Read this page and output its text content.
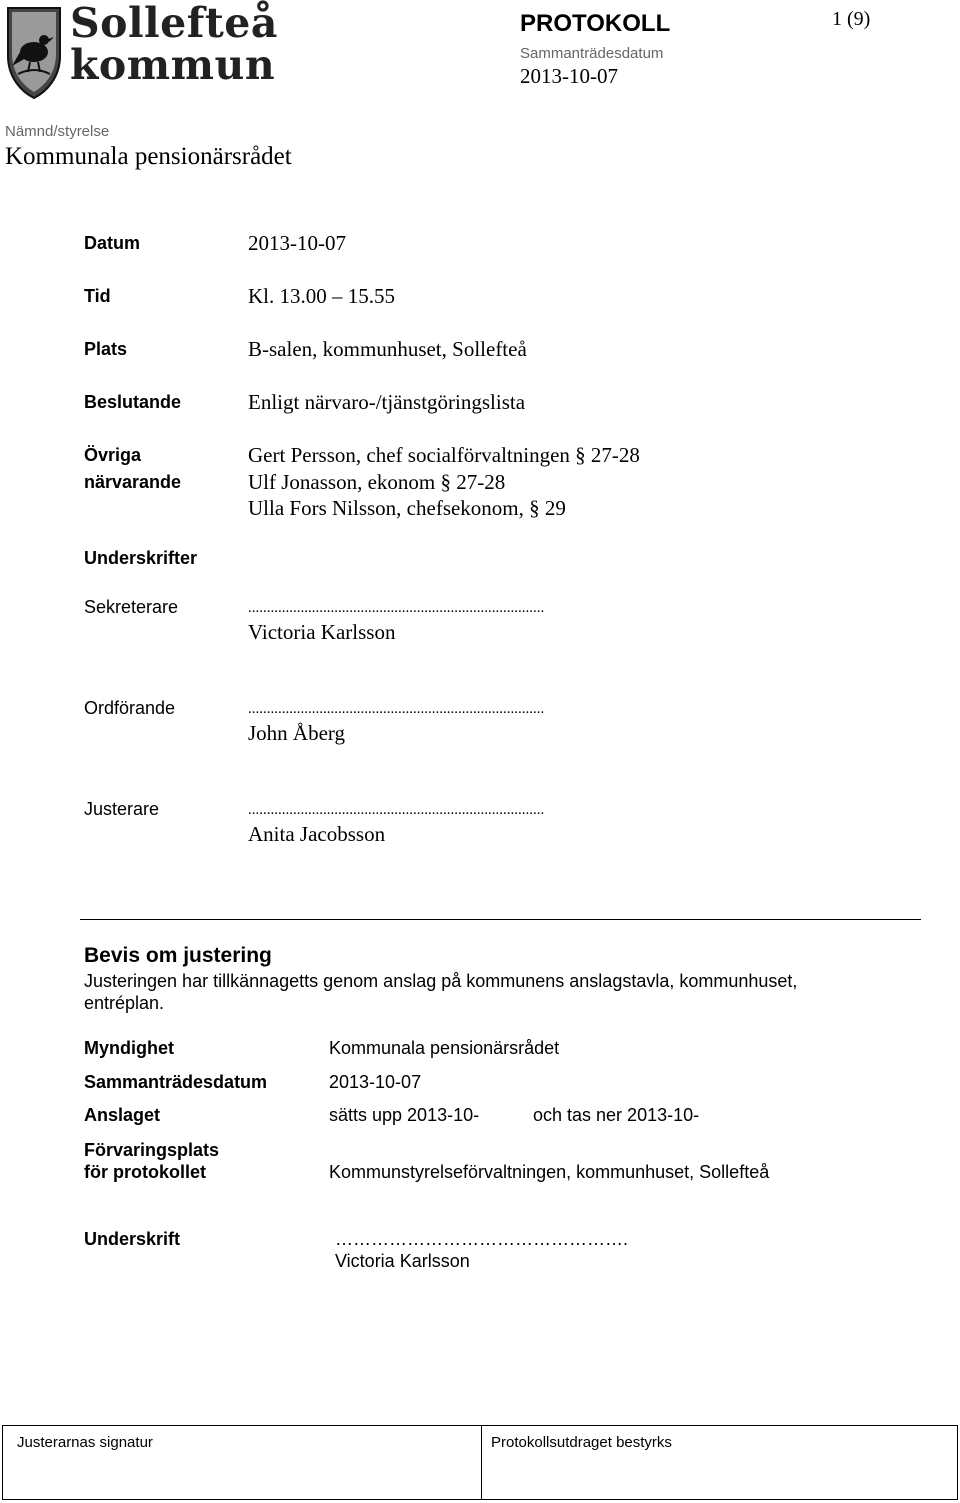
Sollefteå
kommun
PROTOKOLL
Sammanträdesdatum
2013-10-07
1 (9)
Nämnd/styrelse
Kommunala pensionärsrådet
Datum	2013-10-07
Tid	Kl. 13.00 – 15.55
Plats	B-salen, kommunhuset, Sollefteå
Beslutande	Enligt närvaro-/tjänstgöringslista
Övriga
närvarande
Gert Persson, chef socialförvaltningen § 27-28
Ulf Jonasson, ekonom § 27-28
Ulla Fors Nilsson, chefsekonom, § 29
Underskrifter
Sekreterare	...............................................................................
Victoria Karlsson
Ordförande	...............................................................................
John Åberg
Justerare	...............................................................................
Anita Jacobsson
Bevis om justering
Justeringen har tillkännagetts genom anslag på kommunens anslagstavla, kommunhuset,
entréplan.
Myndighet	Kommunala pensionärsrådet
Sammanträdesdatum	2013-10-07
Anslaget	sätts upp 2013-10-	och tas ner 2013-10-
Förvaringsplats
för protokollet	Kommunstyrelseförvaltningen, kommunhuset, Sollefteå
Underskrift	………………………………………….
Victoria Karlsson
Justerarnas signatur	Protokollsutdraget bestyrks
